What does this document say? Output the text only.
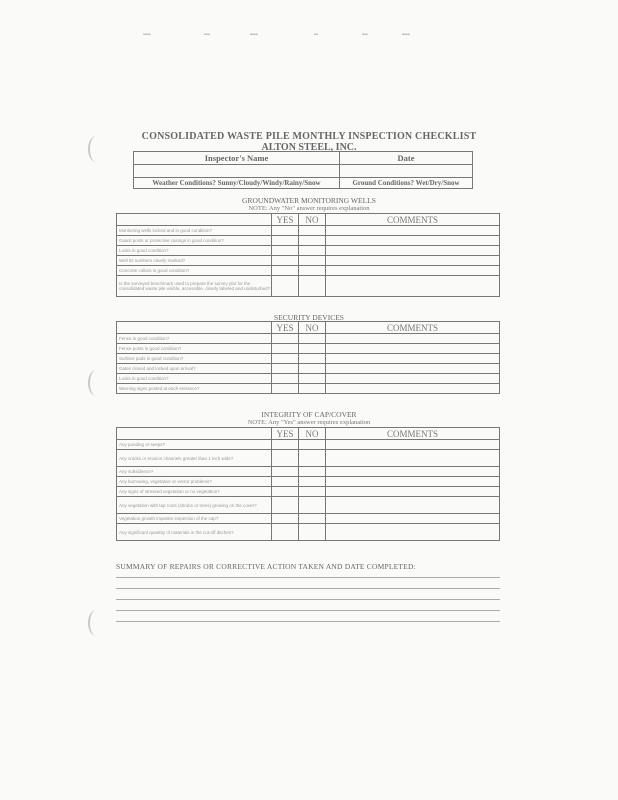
Aaaa	Aaa	Aaaa	Aa	Aaa	Aaaa
CONSOLIDATED WASTE PILE MONTHLY INSPECTION CHECKLIST
ALTON STEEL, INC.
Inspector's Name	Date

Weather Conditions? Sunny/Cloudy/Windy/Rainy/Snow	Ground Conditions? Wet/Dry/Snow
GROUNDWATER MONITORING WELLS
NOTE: Any "No" answer requires explanation
	YES	NO	COMMENTS
Monitoring wells locked and in good condition?			
Guard posts or protective casings in good condition?			
Locks in good condition?			
Well ID numbers clearly marked?			
Concrete collars in good condition?			
Is the surveyed benchmark used to prepare the survey plot for the consolidated waste pile visible, accessible, clearly labeled and undisturbed?			
SECURITY DEVICES
	YES	NO	COMMENTS
Fence in good condition?			
Fence posts in good condition?			
Surface pads in good condition?			
Gates closed and locked upon arrival?			
Locks in good condition?			
Warning signs posted at each entrance?			
INTEGRITY OF CAP/COVER
NOTE: Any "Yes" answer requires explanation
	YES	NO	COMMENTS
Any ponding or seeps?			
Any cracks or erosion channels greater than 1 inch wide?			
Any subsidence?			
Any burrowing, vegetative or vector problems?			
Any signs of stressed vegetation or no vegetation?			
Any vegetation with tap roots (shrubs or trees) growing on the cover?			
Vegetation growth impedes inspection of the cap?			
Any significant quantity of materials in the cut-off ditches?			
SUMMARY OF REPAIRS OR CORRECTIVE ACTION TAKEN AND DATE COMPLETED:
